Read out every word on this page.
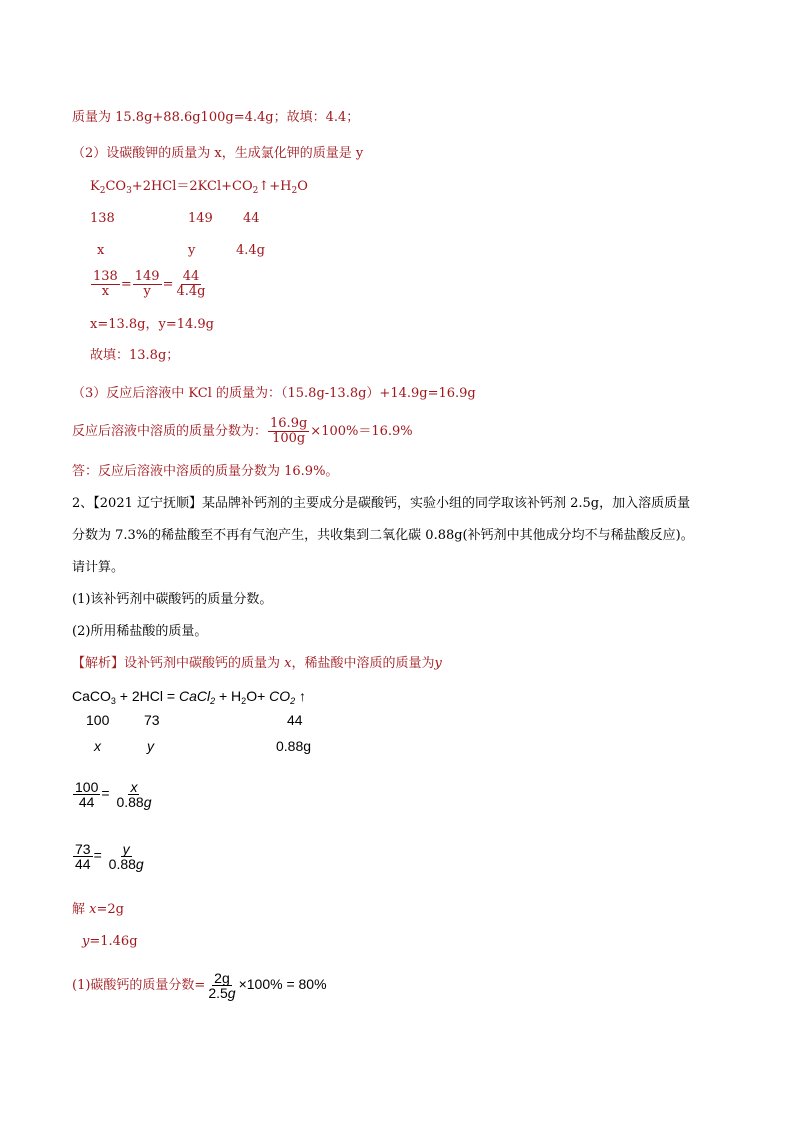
质量为 15.8g+88.6g100g=4.4g；故填：4.4；
（2）设碳酸钾的质量为 x，生成氯化钾的质量是 y
$K_2CO_3+2HCl=2KCl+CO_2↑+H_2O$
138	149 44
x	y	4.4g
$\frac{138}{x} = \frac{149}{y} = \frac{44}{4.4g}$
x=13.8g，y=14.9g
故填：13.8g；
（3）反应后溶液中 KCl 的质量为：（15.8g-13.8g）+14.9g=16.9g
反应后溶液中溶质的质量分数为： $\frac{16.9g}{100g} \times 100\%=16.9\%$
答：反应后溶液中溶质的质量分数为 16.9%。
2、【2021 辽宁抚顺】某品牌补钙剂的主要成分是碳酸钙，实验小组的同学取该补钙剂 2.5g，加入溶质质量
分数为 7.3%的稀盐酸至不再有气泡产生，共收集到二氧化碳 0.88g(补钙剂中其他成分均不与稀盐酸反应)。
请计算。
(1)该补钙剂中碳酸钙的质量分数。
(2)所用稀盐酸的质量。
【解析】设补钙剂中碳酸钙的质量为 x，稀盐酸中溶质的质量为y
CaCO$_3$ + 2HCl = CaCl$_2$ + $H_2O+ CO_2$ ↑
100 73	44
x	y	0.88g
$\frac{100}{44} = \frac{x}{0.88g}$
$\frac{73}{44} = \frac{y}{0.88g}$
解 x=2g
y=1.46g
(1)碳酸钙的质量分数= $\frac{2g}{2.5g} \times 100\% = 80\%$
